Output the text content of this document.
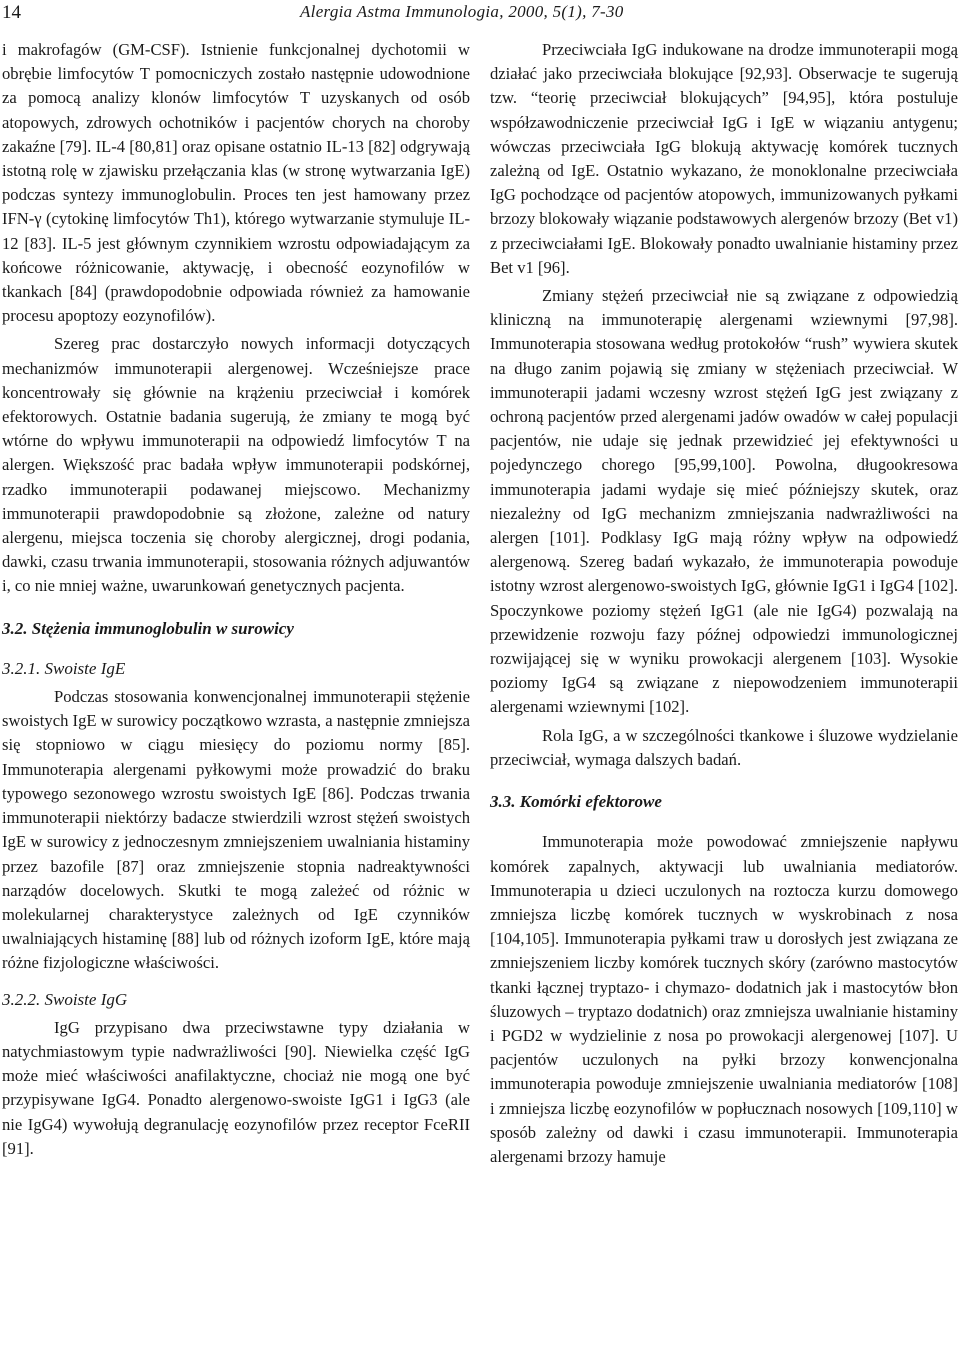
14	Alergia Astma Immunologia, 2000, 5(1), 7-30

i makrofagów (GM-CSF). Istnienie funkcjonalnej dychotomii w obrębie limfocytów T pomocniczych zostało następnie udowodnione za pomocą analizy klonów limfocytów T uzyskanych od osób atopowych, zdrowych ochotników i pacjentów chorych na choroby zakaźne [79]. IL-4 [80,81] oraz opisane ostatnio IL-13 [82] odgrywają istotną rolę w zjawisku przełączania klas (w stronę wytwarzania IgE) podczas syntezy immunoglobulin. Proces ten jest hamowany przez IFN-γ (cytokinę limfocytów Th1), którego wytwarzanie stymuluje IL-12 [83]. IL-5 jest głównym czynnikiem wzrostu odpowiadającym za końcowe różnicowanie, aktywację, i obecność eozynofilów w tkankach [84] (prawdopodobnie odpowiada również za hamowanie procesu apoptozy eozynofilów).

Szereg prac dostarczyło nowych informacji dotyczących mechanizmów immunoterapii alergenowej. Wcześniejsze prace koncentrowały się głównie na krążeniu przeciwciał i komórek efektorowych. Ostatnie badania sugerują, że zmiany te mogą być wtórne do wpływu immunoterapii na odpowiedź limfocytów T na alergen. Większość prac badała wpływ immunoterapii podskórnej, rzadko immunoterapii podawanej miejscowo. Mechanizmy immunoterapii prawdopodobnie są złożone, zależne od natury alergenu, miejsca toczenia się choroby alergicznej, drogi podania, dawki, czasu trwania immunoterapii, stosowania różnych adjuwantów i, co nie mniej ważne, uwarunkowań genetycznych pacjenta.

3.2. Stężenia immunoglobulin w surowicy

3.2.1. Swoiste IgE

Podczas stosowania konwencjonalnej immunoterapii stężenie swoistych IgE w surowicy początkowo wzrasta, a następnie zmniejsza się stopniowo w ciągu miesięcy do poziomu normy [85]. Immunoterapia alergenami pyłkowymi może prowadzić do braku typowego sezonowego wzrostu swoistych IgE [86]. Podczas trwania immunoterapii niektórzy badacze stwierdzili wzrost stężeń swoistych IgE w surowicy z jednoczesnym zmniejszeniem uwalniania histaminy przez bazofile [87] oraz zmniejszenie stopnia nadreaktywności narządów docelowych. Skutki te mogą zależeć od różnic w molekularnej charakterystyce zależnych od IgE czynników uwalniających histaminę [88] lub od różnych izoform IgE, które mają różne fizjologiczne właściwości.

3.2.2. Swoiste IgG

IgG przypisano dwa przeciwstawne typy działania w natychmiastowym typie nadwrażliwości [90]. Niewielka część IgG może mieć właściwości anafilaktyczne, chociaż nie mogą one być przypisywane IgG4. Ponadto alergenowo-swoiste IgG1 i IgG3 (ale nie IgG4) wywołują degranulację eozynofilów przez receptor FceRII [91].

Przeciwciała IgG indukowane na drodze immunoterapii mogą działać jako przeciwciała blokujące [92,93]. Obserwacje te sugerują tzw. “teorię przeciwciał blokujących” [94,95], która postuluje współzawodniczenie przeciwciał IgG i IgE w wiązaniu antygenu; wówczas przeciwciała IgG blokują aktywację komórek tucznych zależną od IgE. Ostatnio wykazano, że monoklonalne przeciwciała IgG pochodzące od pacjentów atopowych, immunizowanych pyłkami brzozy blokowały wiązanie podstawowych alergenów brzozy (Bet v1) z przeciwciałami IgE. Blokowały ponadto uwalnianie histaminy przez Bet v1 [96].

Zmiany stężeń przeciwciał nie są związane z odpowiedzią kliniczną na immunoterapię alergenami wziewnymi [97,98]. Immunoterapia stosowana według protokołów “rush” wywiera skutek na długo zanim pojawią się zmiany w stężeniach przeciwciał. W immunoterapii jadami wczesny wzrost stężeń IgG jest związany z ochroną pacjentów przed alergenami jadów owadów w całej populacji pacjentów, nie udaje się jednak przewidzieć jej efektywności u pojedynczego chorego [95,99,100]. Powolna, długookresowa immunoterapia jadami wydaje się mieć późniejszy skutek, oraz niezależny od IgG mechanizm zmniejszania nadwrażliwości na alergen [101]. Podklasy IgG mają różny wpływ na odpowiedź alergenową. Szereg badań wykazało, że immunoterapia powoduje istotny wzrost alergenowo-swoistych IgG, głównie IgG1 i IgG4 [102]. Spoczynkowe poziomy stężeń IgG1 (ale nie IgG4) pozwalają na przewidzenie rozwoju fazy późnej odpowiedzi immunologicznej rozwijającej się w wyniku prowokacji alergenem [103]. Wysokie poziomy IgG4 są związane z niepowodzeniem immunoterapii alergenami wziewnymi [102].

Rola IgG, a w szczególności tkankowe i śluzowe wydzielanie przeciwciał, wymaga dalszych badań.

3.3. Komórki efektorowe

Immunoterapia może powodować zmniejszenie napływu komórek zapalnych, aktywacji lub uwalniania mediatorów. Immunoterapia u dzieci uczulonych na roztocza kurzu domowego zmniejsza liczbę komórek tucznych w wyskrobinach z nosa [104,105]. Immunoterapia pyłkami traw u dorosłych jest związana ze zmniejszeniem liczby komórek tucznych skóry (zarówno mastocytów tkanki łącznej tryptazo- i chymazo- dodatnich jak i mastocytów błon śluzowych – tryptazo dodatnich) oraz zmniejsza uwalnianie histaminy i PGD2 w wydzielinie z nosa po prowokacji alergenowej [107]. U pacjentów uczulonych na pyłki brzozy konwencjonalna immunoterapia powoduje zmniejszenie uwalniania mediatorów [108] i zmniejsza liczbę eozynofilów w popłucznach nosowych [109,110] w sposób zależny od dawki i czasu immunoterapii. Immunoterapia alergenami brzozy hamuje
